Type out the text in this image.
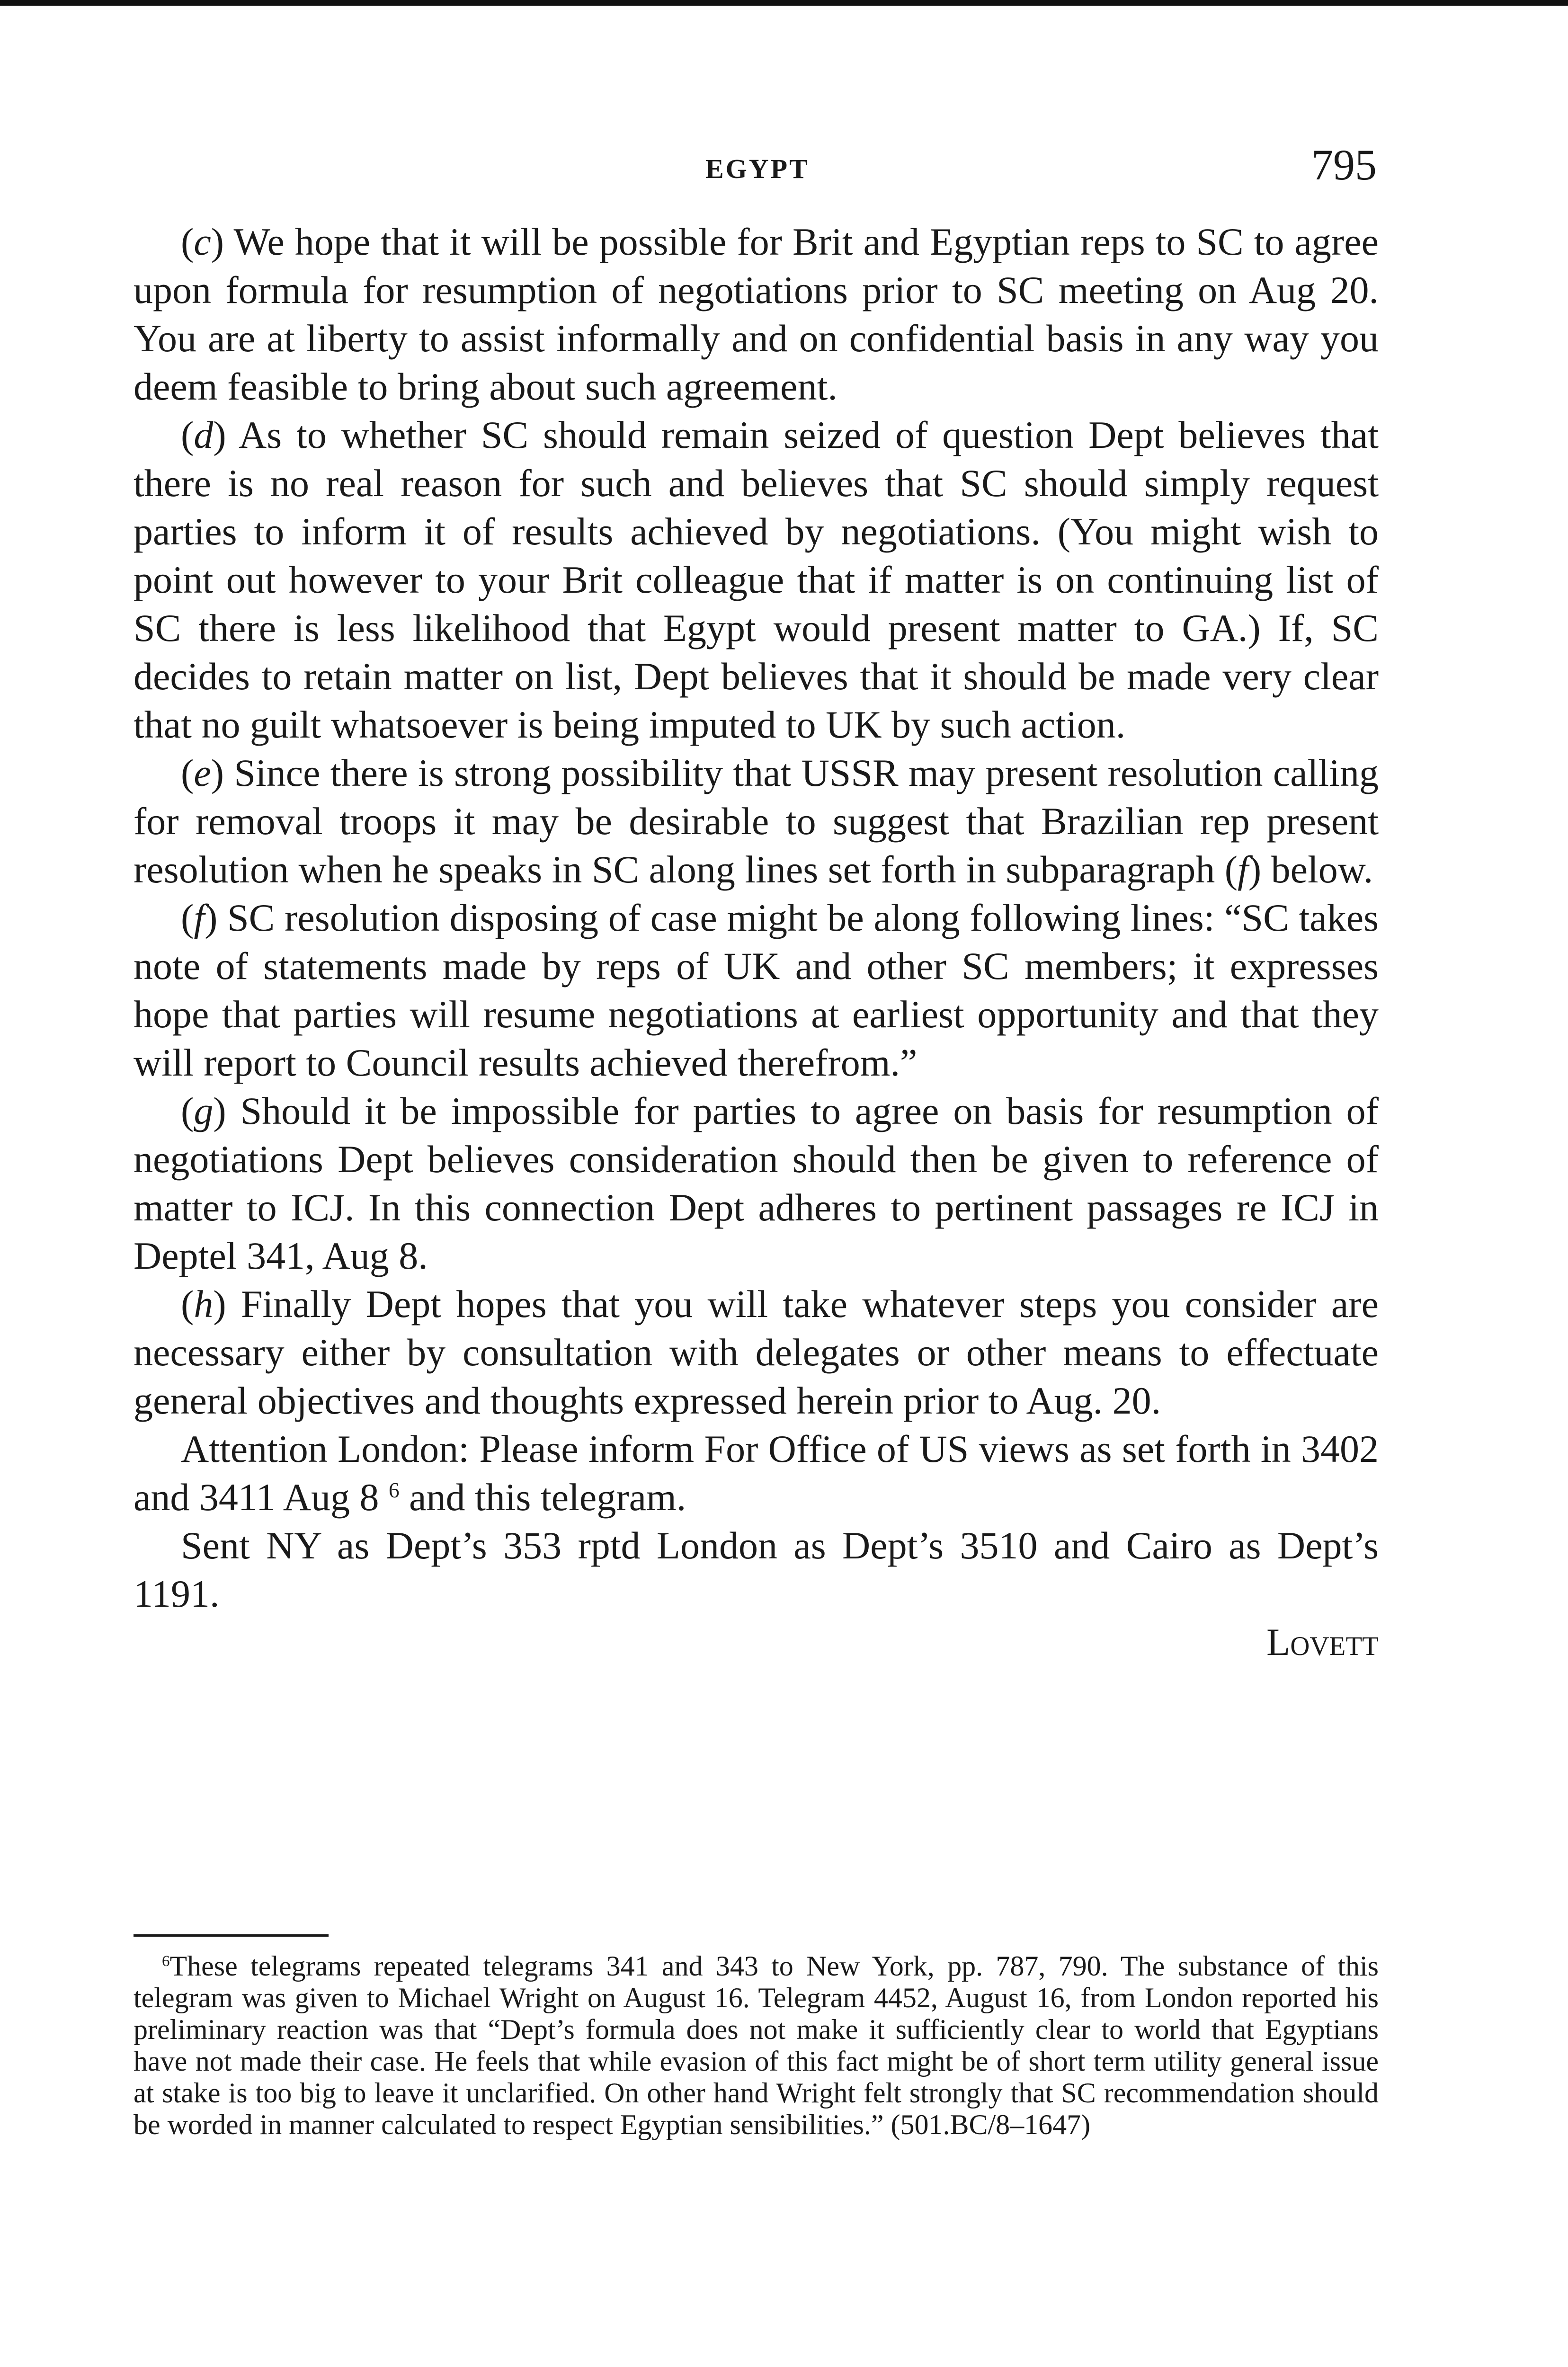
EGYPT	795

(c) We hope that it will be possible for Brit and Egyptian reps to SC to agree upon formula for resumption of negotiations prior to SC meeting on Aug 20. You are at liberty to assist informally and on confidential basis in any way you deem feasible to bring about such agreement.

(d) As to whether SC should remain seized of question Dept believes that there is no real reason for such and believes that SC should simply request parties to inform it of results achieved by negotiations. (You might wish to point out however to your Brit colleague that if matter is on continuing list of SC there is less likelihood that Egypt would present matter to GA.) If, SC decides to retain matter on list, Dept believes that it should be made very clear that no guilt whatsoever is being imputed to UK by such action.

(e) Since there is strong possibility that USSR may present resolution calling for removal troops it may be desirable to suggest that Brazilian rep present resolution when he speaks in SC along lines set forth in subparagraph (f) below.

(f) SC resolution disposing of case might be along following lines: “SC takes note of statements made by reps of UK and other SC members; it expresses hope that parties will resume negotiations at earliest opportunity and that they will report to Council results achieved therefrom.”

(g) Should it be impossible for parties to agree on basis for resumption of negotiations Dept believes consideration should then be given to reference of matter to ICJ. In this connection Dept adheres to pertinent passages re ICJ in Deptel 341, Aug 8.

(h) Finally Dept hopes that you will take whatever steps you consider are necessary either by consultation with delegates or other means to effectuate general objectives and thoughts expressed herein prior to Aug. 20.

Attention London: Please inform For Office of US views as set forth in 3402 and 3411 Aug 8 $^6$ and this telegram.

Sent NY as Dept’s 353 rptd London as Dept’s 3510 and Cairo as Dept’s 1191.

Lovett

$^6$These telegrams repeated telegrams 341 and 343 to New York, pp. 787, 790. The substance of this telegram was given to Michael Wright on August 16. Telegram 4452, August 16, from London reported his preliminary reaction was that “Dept’s formula does not make it sufficiently clear to world that Egyptians have not made their case. He feels that while evasion of this fact might be of short term utility general issue at stake is too big to leave it unclarified. On other hand Wright felt strongly that SC recommendation should be worded in manner calculated to respect Egyptian sensibilities.” (501.BC/8–1647)
